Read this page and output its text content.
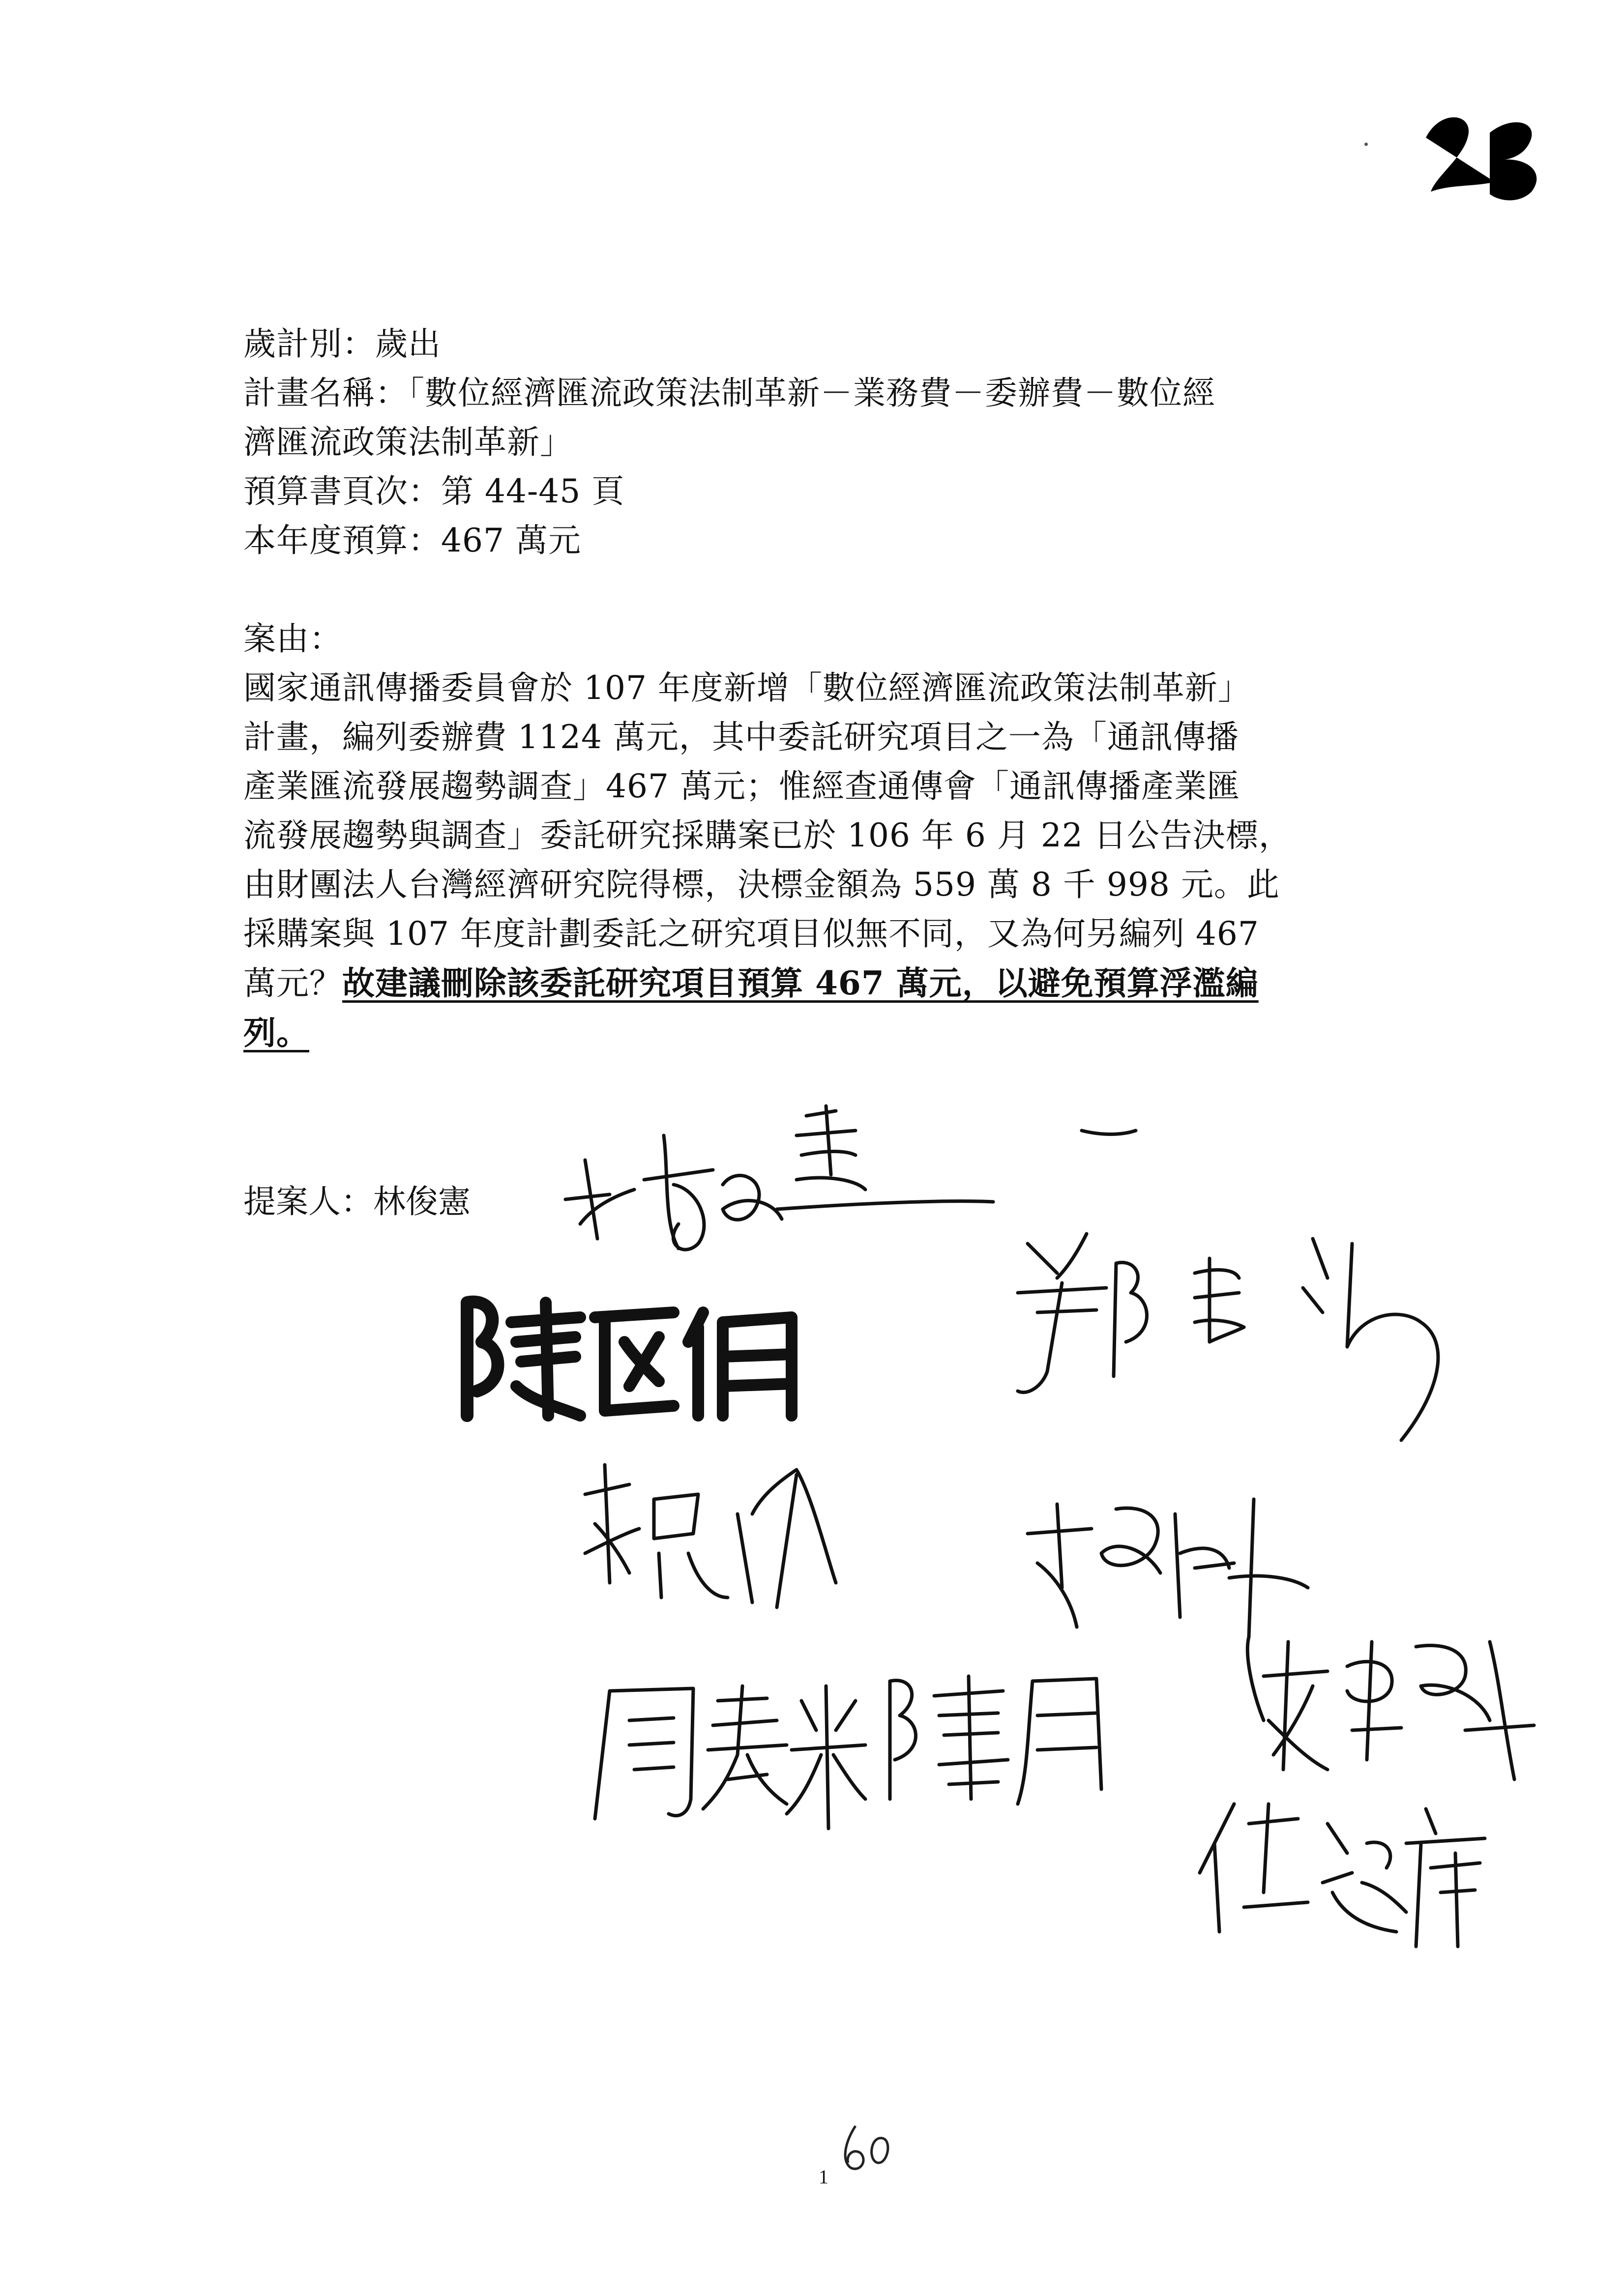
歲計別：歲出
計畫名稱：「數位經濟匯流政策法制革新－業務費－委辦費－數位經
濟匯流政策法制革新」
預算書頁次：第 44-45 頁
本年度預算：467 萬元
案由：
國家通訊傳播委員會於 107 年度新增「數位經濟匯流政策法制革新」
計畫，編列委辦費 1124 萬元，其中委託研究項目之一為「通訊傳播
產業匯流發展趨勢調查」467 萬元；惟經查通傳會「通訊傳播產業匯
流發展趨勢與調查」委託研究採購案已於 106 年 6 月 22 日公告決標，
由財團法人台灣經濟研究院得標，決標金額為 559 萬 8 千 998 元。此
採購案與 107 年度計劃委託之研究項目似無不同，又為何另編列 467
萬元？故建議刪除該委託研究項目預算 467 萬元，以避免預算浮濫編
列。
提案人：林俊憲
1
